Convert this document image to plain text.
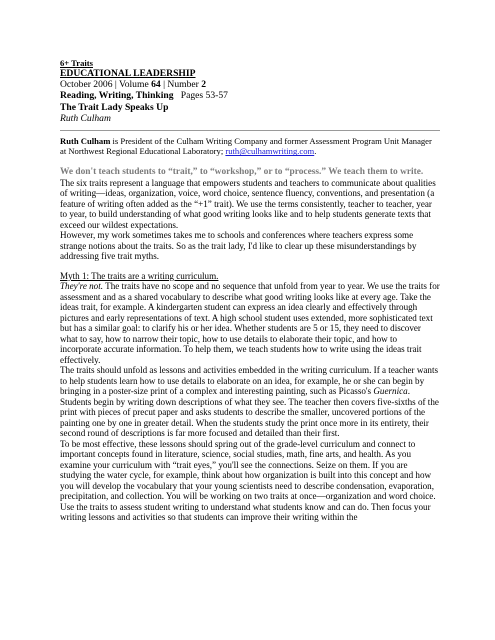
6+ Traits
EDUCATIONAL LEADERSHIP
October 2006 | Volume 64 | Number 2
Reading, Writing, Thinking Pages 53-57
The Trait Lady Speaks Up
Ruth Culham
Ruth Culham is President of the Culham Writing Company and former Assessment Program Unit Manager at Northwest Regional Educational Laboratory; ruth@culhamwriting.com.
We don't teach students to “trait,” to “workshop,” or to “process.” We teach them to write.

The six traits represent a language that empowers students and teachers to communicate about qualities of writing—ideas, organization, voice, word choice, sentence fluency, conventions, and presentation (a feature of writing often added as the “+1” trait). We use the terms consistently, teacher to teacher, year to year, to build understanding of what good writing looks like and to help students generate texts that exceed our wildest expectations.

However, my work sometimes takes me to schools and conferences where teachers express some strange notions about the traits. So as the trait lady, I'd like to clear up these misunderstandings by addressing five trait myths.

Myth 1: The traits are a writing curriculum.

They're not. The traits have no scope and no sequence that unfold from year to year. We use the traits for assessment and as a shared vocabulary to describe what good writing looks like at every age. Take the ideas trait, for example. A kindergarten student can express an idea clearly and effectively through pictures and early representations of text. A high school student uses extended, more sophisticated text but has a similar goal: to clarify his or her idea. Whether students are 5 or 15, they need to discover what to say, how to narrow their topic, how to use details to elaborate their topic, and how to incorporate accurate information. To help them, we teach students how to write using the ideas trait effectively.

The traits should unfold as lessons and activities embedded in the writing curriculum. If a teacher wants to help students learn how to use details to elaborate on an idea, for example, he or she can begin by bringing in a poster-size print of a complex and interesting painting, such as Picasso's Guernica. Students begin by writing down descriptions of what they see. The teacher then covers five-sixths of the print with pieces of precut paper and asks students to describe the smaller, uncovered portions of the painting one by one in greater detail. When the students study the print once more in its entirety, their second round of descriptions is far more focused and detailed than their first.

To be most effective, these lessons should spring out of the grade-level curriculum and connect to important concepts found in literature, science, social studies, math, fine arts, and health. As you examine your curriculum with “trait eyes,” you'll see the connections. Seize on them. If you are studying the water cycle, for example, think about how organization is built into this concept and how you will develop the vocabulary that your young scientists need to describe condensation, evaporation, precipitation, and collection. You will be working on two traits at once—organization and word choice.

Use the traits to assess student writing to understand what students know and can do. Then focus your writing lessons and activities so that students can improve their writing within the
